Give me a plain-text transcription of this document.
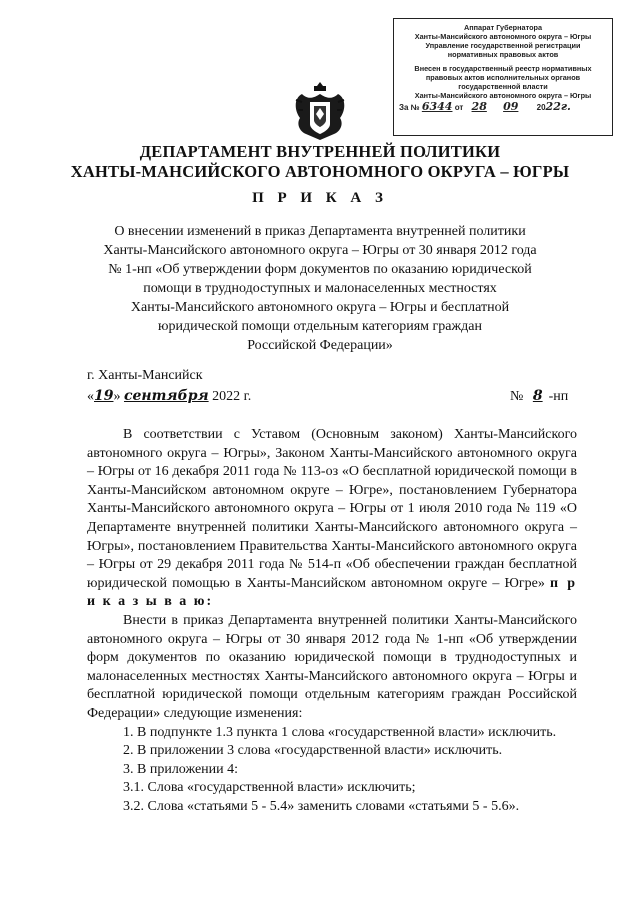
Аппарат Губернатора
Ханты-Мансийского автономного округа – Югры
Управление государственной регистрации
нормативных правовых актов
Внесен в государственный реестр нормативных
правовых актов исполнительных органов
государственной власти
Ханты-Мансийского автономного округа – Югры
За № 6344 от 28 09 2022г.
ДЕПАРТАМЕНТ ВНУТРЕННЕЙ ПОЛИТИКИ
ХАНТЫ-МАНСИЙСКОГО АВТОНОМНОГО ОКРУГА – ЮГРЫ
П Р И К А З
О внесении изменений в приказ Департамента внутренней политики
Ханты-Мансийского автономного округа – Югры от 30 января 2012 года
№ 1-нп «Об утверждении форм документов по оказанию юридической
помощи в труднодоступных и малонаселенных местностях
Ханты-Мансийского автономного округа – Югры и бесплатной
юридической помощи отдельным категориям граждан
Российской Федерации»
г. Ханты-Мансийск
«19» сентября 2022 г.	№ 8 -нп

В соответствии с Уставом (Основным законом) Ханты-Мансийского автономного округа – Югры», Законом Ханты-Мансийского автономного округа – Югры от 16 декабря 2011 года № 113-оз «О бесплатной юридической помощи в Ханты-Мансийском автономном округе – Югре», постановлением Губернатора Ханты-Мансийского автономного округа – Югры от 1 июля 2010 года № 119 «О Департаменте внутренней политики Ханты-Мансийского автономного округа – Югры», постановлением Правительства Ханты-Мансийского автономного округа – Югры от 29 декабря 2011 года № 514-п «Об обеспечении граждан бесплатной юридической помощью в Ханты-Мансийском автономном округе – Югре» п р и к а з ы в а ю:

Внести в приказ Департамента внутренней политики Ханты-Мансийского автономного округа – Югры от 30 января 2012 года № 1-нп «Об утверждении форм документов по оказанию юридической помощи в труднодоступных и малонаселенных местностях Ханты-Мансийского автономного округа – Югры и бесплатной юридической помощи отдельным категориям граждан Российской Федерации» следующие изменения:

1. В подпункте 1.3 пункта 1 слова «государственной власти» исключить.

2. В приложении 3 слова «государственной власти» исключить.

3. В приложении 4:

3.1. Слова «государственной власти» исключить;

3.2. Слова «статьями 5 - 5.4» заменить словами «статьями 5 - 5.6».
